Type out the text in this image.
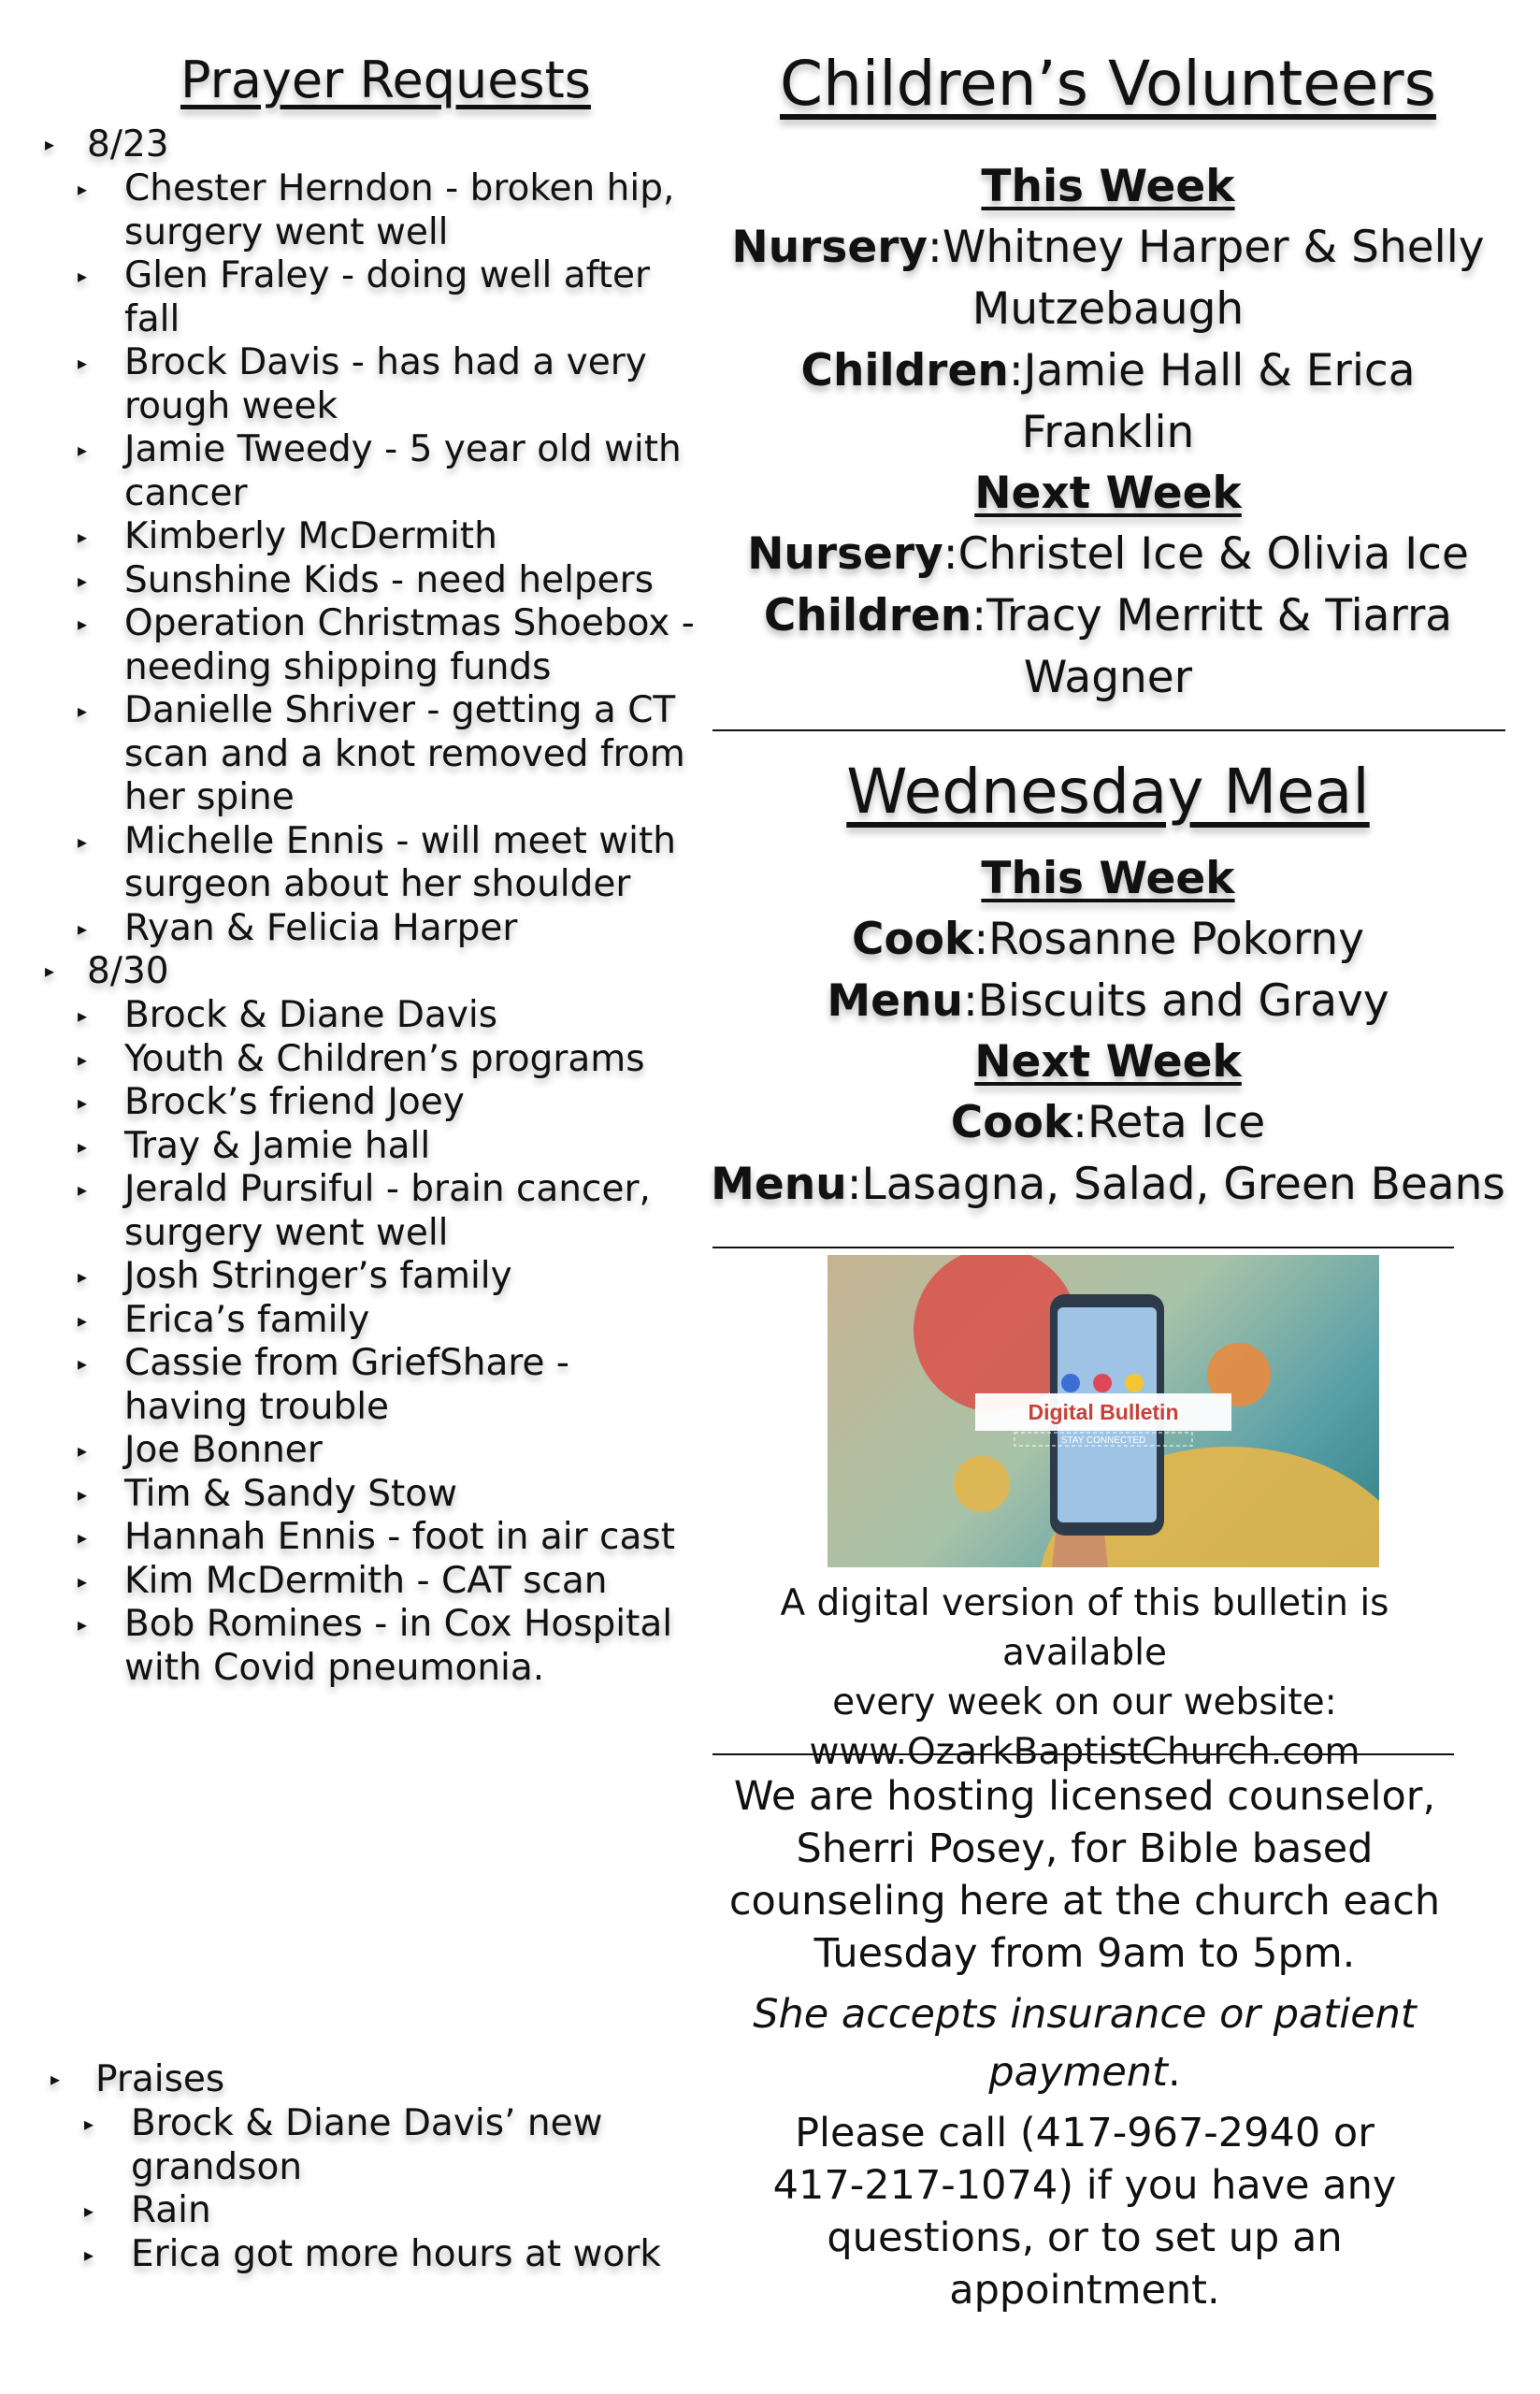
Prayer Requests
▸ 8/23

▸ Chester Herndon - broken hip, surgery went well

▸ Glen Fraley - doing well after fall

▸ Brock Davis - has had a very rough week

▸ Jamie Tweedy - 5 year old with cancer

▸ Kimberly McDermith

▸ Sunshine Kids - need helpers

▸ Operation Christmas Shoebox - needing shipping funds

▸ Danielle Shriver - getting a CT scan and a knot removed from her spine

▸ Michelle Ennis - will meet with surgeon about her shoulder

▸ Ryan & Felicia Harper

▸ 8/30

▸ Brock & Diane Davis

▸ Youth & Children’s programs

▸ Brock’s friend Joey

▸ Tray & Jamie hall

▸ Jerald Pursiful - brain cancer, surgery went well

▸ Josh Stringer’s family

▸ Erica’s family

▸ Cassie from GriefShare - having trouble

▸ Joe Bonner

▸ Tim & Sandy Stow

▸ Hannah Ennis - foot in air cast

▸ Kim McDermith - CAT scan

▸ Bob Romines - in Cox Hospital with Covid pneumonia.

▸ Praises

▸ Brock & Diane Davis’ new grandson

▸ Rain

▸ Erica got more hours at work

Children’s Volunteers

This Week

Nursery:Whitney Harper & Shelly Mutzebaugh

Children:Jamie Hall & Erica Franklin

Next Week

Nursery:Christel Ice & Olivia Ice

Children:Tracy Merritt & Tiarra Wagner

Wednesday Meal

This Week

Cook:Rosanne Pokorny

Menu:Biscuits and Gravy

Next Week

Cook:Reta Ice

Menu:Lasagna, Salad, Green Beans

Digital Bulletin
STAY CONNECTED
A digital version of this bulletin is available
every week on our website:
www.OzarkBaptistChurch.com

We are hosting licensed counselor,
Sherri Posey, for Bible based
counseling here at the church each
Tuesday from 9am to 5pm.

She accepts insurance or patient
payment.

Please call (417-967-2940 or
417-217-1074) if you have any
questions, or to set up an
appointment.
